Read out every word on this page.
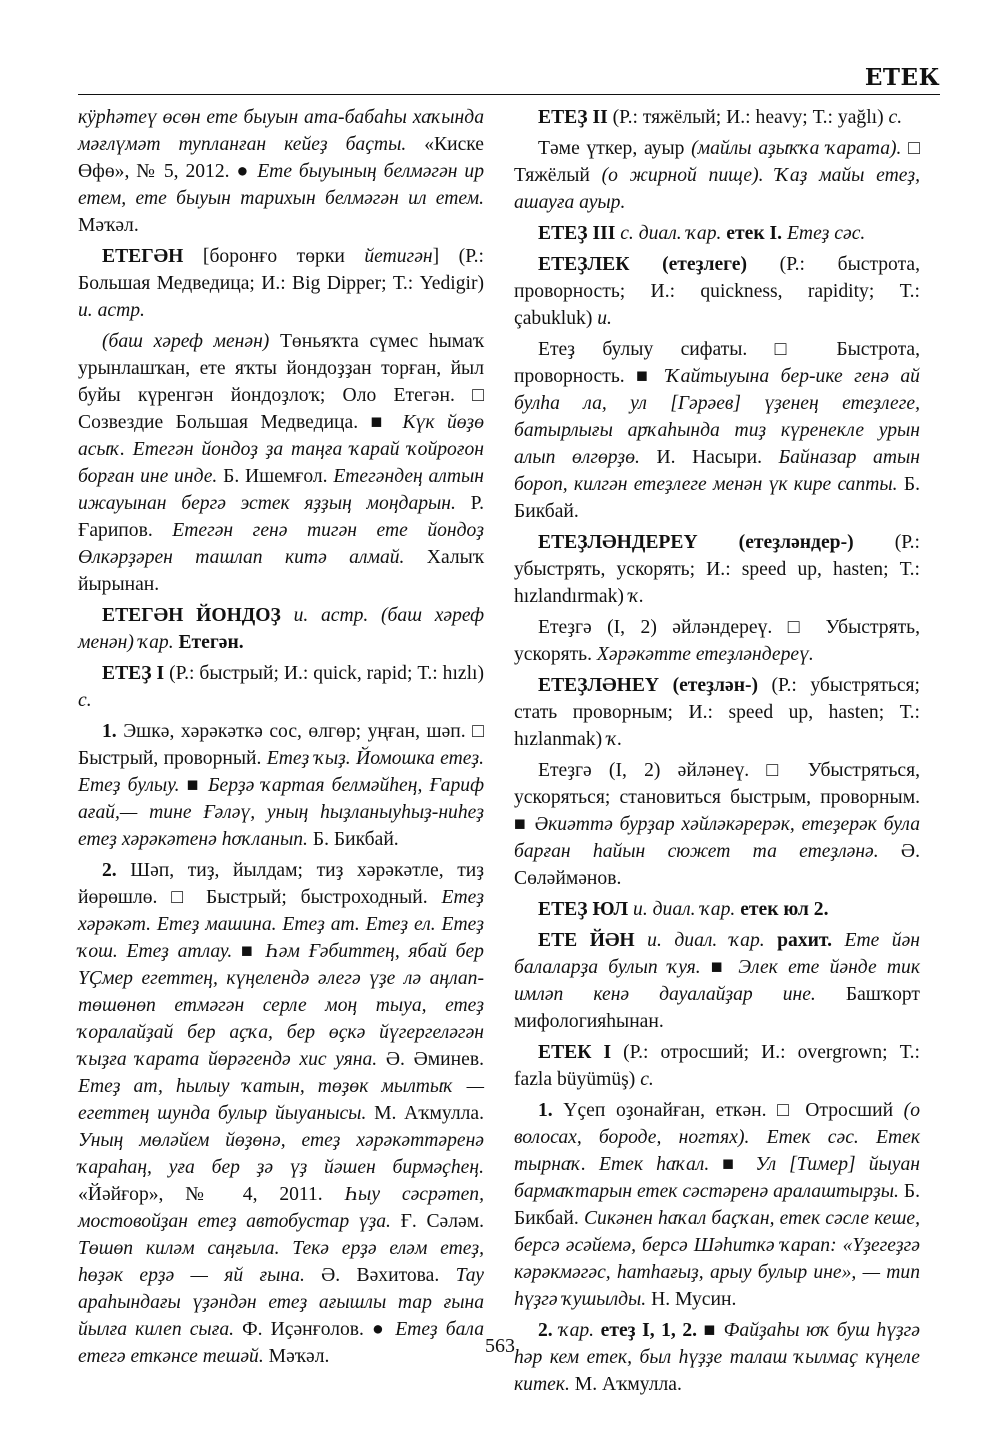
ЕТЕК

кӱрһәтеү өсөн ете быуын ата-бабаһы хаҡында мәғлүмәт тупланған кейеҙ баҫты. «Киске Өфө», № 5, 2012. ● Ете быуының белмәгән ир етем, ете быуын тарихын белмәгән ил етем. Мәҡәл.

ЕТЕГӘН [боронғо төрки йетигән] (Р.: Большая Медведица; И.: Big Dipper; Т.: Yedigir) и. астр.

(баш хәреф менән) Төньяҡта сүмес һымаҡ урынлашҡан, ете яҡты йондоҙҙан торған, йыл буйы күренгән йондоҙлоҡ; Оло Етегән. □ Созвездие Большая Медведица. ■ Күк йөҙө асыҡ. Етегән йондоҙ ҙа таңға ҡарай ҡойроғон борған ине инде. Б. Ишемғол. Етегәндең алтын ижауынан бергә эстек яҙҙың моңдарын. Р. Ғарипов. Етегән генә тигән ете йондоҙ Өлкәрҙәрен ташлап китә алмай. Халыҡ йырынан.

ЕТЕГӘН ЙОНДОҘ и. астр. (баш хәреф менән) ҡар. Етегән.

ЕТЕҘ I (Р.: быстрый; И.: quick, rapid; Т.: hızlı) с.

1. Эшкә, хәрәкәткә сос, өлгөр; уңған, шәп. □ Быстрый, проворный. Етеҙ ҡыҙ. Йомошка етеҙ. Етеҙ булыу. ■ Берҙә ҡартая белмәйһең, Ғариф ағай,— тине Ғәләү, уның һыҙланыуһыҙ-ниһеҙ етеҙ хәрәкәтенә һоҡланып. Б. Бикбай.

2. Шәп, тиҙ, йылдам; тиҙ хәрәкәтле, тиҙ йөрөшлө. □ Быстрый; быстроходный. Етеҙ хәрәкәт. Етеҙ машина. Етеҙ ат. Етеҙ ел. Етеҙ ҡош. Етеҙ атлау. ■ Һәм Ғәбиттең, ябай бер ҮҪмер егеттең, күңелендә әлегә үҙе лә аңлап-төшөнөп етмәгән серле моң тыуа, етеҙ ҡоралайҙай бер аҫҡа, бер өҫкә йүгергеләгән ҡыҙға ҡарата йөрәгендә хис уяна. Ә. Әминев. Етеҙ ат, һылыу ҡатын, төҙөк мылтыҡ — егеттең шунда булыр йыуанысы. М. Аҡмулла. Уның мөләйем йөҙөнә, етеҙ хәрәкәттәренә ҡараһаң, уға бер ҙә үҙ йәшен бирмәҫһең. «Йәйғор», № 4, 2011. Һыу сәсрәтеп, мостовойҙан етеҙ автобустар үҙа. Ғ. Сәләм. Төшөп киләм саңғыла. Текә ерҙә еләм етеҙ, һөҙәк ерҙә — яй ғына. Ә. Вәхитова. Тау араһындағы үҙәндән етеҙ ағышлы тар ғына йылға килеп сыға. Ф. Иҫәнғолов. ● Етеҙ бала етегә еткәнсе тешәй. Мәҡәл.

ЕТЕҘ II (Р.: тяжёлый; И.: heavy; Т.: yağlı) с.

Тәме үткер, ауыр (майлы аҙыҡҡа ҡарата). □ Тяжёлый (о жирной пище). Ҡаҙ майы етеҙ, ашауға ауыр.

ЕТЕҘ III с. диал. ҡар. етек I. Етеҙ сәс.

ЕТЕҘЛЕК (етеҙлеге) (Р.: быстрота, проворность; И.: quickness, rapidity; Т.: çabukluk) и.

Етеҙ булыу сифаты. □ Быстрота, проворность. ■ Ҡайтыуына бер-ике генә ай булһа ла, ул [Гәрәев] үҙенең етеҙлеге, батырлығы арҡаһында тиҙ күренекле урын алып өлгөрҙө. И. Насыри. Байназар атын бороп, килгән етеҙлеге менән үк кире сапты. Б. Бикбай.

ЕТЕҘЛӘНДЕРЕҮ (етеҙләндер-) (Р.: убыстрять, ускорять; И.: speed up, hasten; Т.: hızlandırmak) ҡ.

Етеҙгә (I, 2) әйләндереү. □ Убыстрять, ускорять. Хәрәкәтте етеҙләндереү.

ЕТЕҘЛӘНЕҮ (етеҙлән-) (Р.: убыстряться; стать проворным; И.: speed up, hasten; Т.: hızlanmak) ҡ.

Етеҙгә (I, 2) әйләнеү. □ Убыстряться, ускоряться; становиться быстрым, проворным. ■ Әкиәттә бурҙар хәйләкәрерәк, етеҙерәк була барған һайын сюжет та етеҙләнә. Ә. Сөләймәнов.

ЕТЕҘ ЮЛ и. диал. ҡар. етек юл 2.

ЕТЕ ЙӘН и. диал. ҡар. рахит. Ете йән балаларҙа булып ҡуя. ■ Элек ете йәнде тик имләп кенә дауалайҙар ине. Башҡорт мифологияһынан.

ЕТЕК I (Р.: отросший; И.: overgrown; Т.: fazla büyümüş) с.

1. Үҫеп оҙонайған, еткән. □ Отросший (о волосах, бороде, ногтях). Етек сәс. Етек тырнаҡ. Етек һаҡал. ■ Ул [Тимер] йыуан бармаҡтарын етек сәстәренә аралаштырҙы. Б. Бикбай. Сикәнен һаҡал баҫҡан, етек сәсле кеше, берсә әсәйемә, берсә Шәһиткә ҡарап: «Үҙегеҙгә кәрәкмәгәс, һатһағыҙ, арыу булыр ине», — тип һүҙгә ҡушылды. Н. Мусин.

2. ҡар. етеҙ I, 1, 2. ■ Файҙаһы юҡ буш һүҙгә һәр кем етек, был һүҙҙе талаш ҡылмаҫ күңеле китек. М. Аҡмулла.

563
